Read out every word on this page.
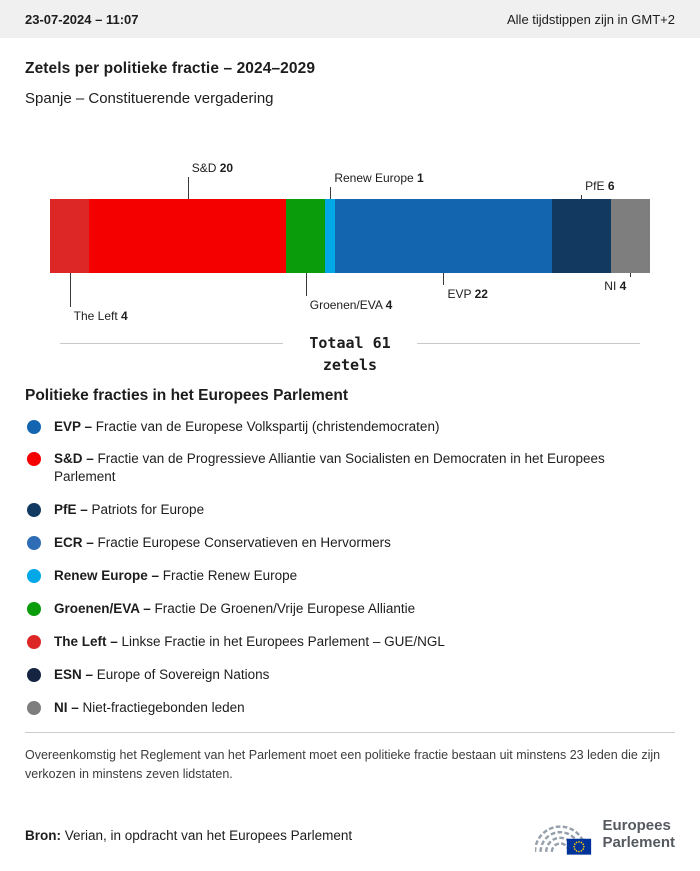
23-07-2024 – 11:07	Alle tijdstippen zijn in GMT+2
Zetels per politieke fractie – 2024–2029
Spanje – Constituerende vergadering
The Left 4
S&D 20
Groenen/EVA 4
Renew Europe 1
EVP 22
PfE 6
NI 4
Totaal 61
zetels
Politieke fracties in het Europees Parlement
EVP – Fractie van de Europese Volkspartij (christendemocraten)
S&D – Fractie van de Progressieve Alliantie van Socialisten en Democraten in het Europees Parlement
PfE – Patriots for Europe
ECR – Fractie Europese Conservatieven en Hervormers
Renew Europe – Fractie Renew Europe
Groenen/EVA – Fractie De Groenen/Vrije Europese Alliantie
The Left – Linkse Fractie in het Europees Parlement – GUE/NGL
ESN – Europe of Sovereign Nations
NI – Niet-fractiegebonden leden
Overeenkomstig het Reglement van het Parlement moet een politieke fractie bestaan uit minstens 23 leden die zijn verkozen in minstens zeven lidstaten.
Bron: Verian, in opdracht van het Europees Parlement
Europees
Parlement
